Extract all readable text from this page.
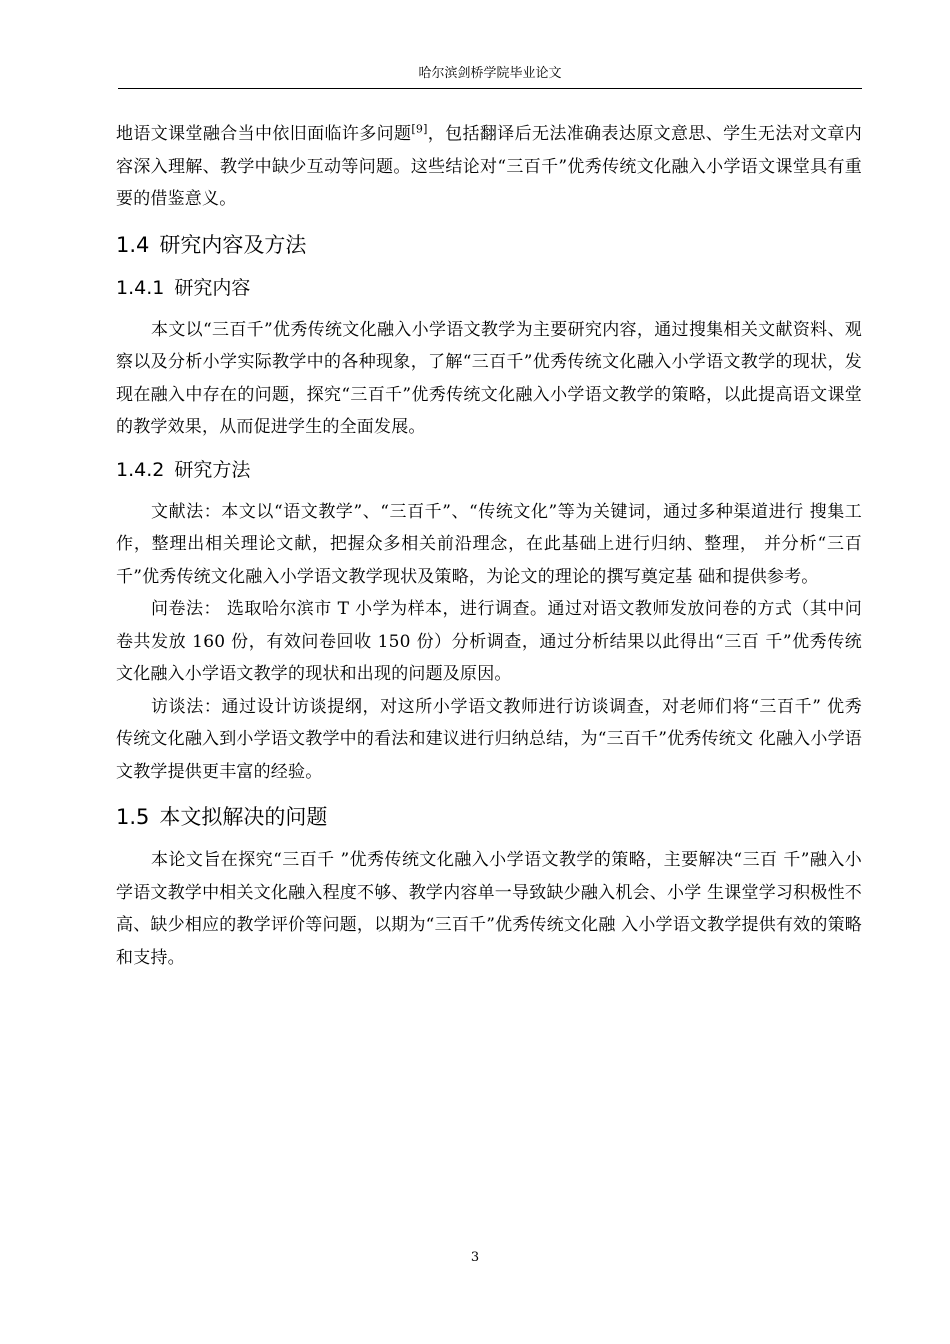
哈尔滨剑桥学院毕业论文

地语文课堂融合当中依旧面临许多问题[9]，包括翻译后无法准确表达原文意思、学生无法对文章内容深入理解、教学中缺少互动等问题。这些结论对“三百千”优秀传统文化融入小学语文课堂具有重要的借鉴意义。

1.4 研究内容及方法
1.4.1 研究内容

本文以“三百千”优秀传统文化融入小学语文教学为主要研究内容，通过搜集相关文献资料、观察以及分析小学实际教学中的各种现象，了解“三百千”优秀传统文化融入小学语文教学的现状，发现在融入中存在的问题，探究“三百千”优秀传统文化融入小学语文教学的策略，以此提高语文课堂的教学效果，从而促进学生的全面发展。

1.4.2 研究方法

文献法：本文以“语文教学”、“三百千”、“传统文化”等为关键词，通过多种渠道进行 搜集工作，整理出相关理论文献，把握众多相关前沿理念，在此基础上进行归纳、整理， 并分析“三百千”优秀传统文化融入小学语文教学现状及策略，为论文的理论的撰写奠定基 础和提供参考。

问卷法： 选取哈尔滨市 T 小学为样本，进行调查。通过对语文教师发放问卷的方式（其中问卷共发放 160 份，有效问卷回收 150 份）分析调查，通过分析结果以此得出“三百 千”优秀传统文化融入小学语文教学的现状和出现的问题及原因。

访谈法：通过设计访谈提纲，对这所小学语文教师进行访谈调查，对老师们将“三百千” 优秀传统文化融入到小学语文教学中的看法和建议进行归纳总结，为“三百千”优秀传统文 化融入小学语文教学提供更丰富的经验。

1.5 本文拟解决的问题

本论文旨在探究“三百千 ”优秀传统文化融入小学语文教学的策略，主要解决“三百 千”融入小学语文教学中相关文化融入程度不够、教学内容单一导致缺少融入机会、小学 生课堂学习积极性不高、缺少相应的教学评价等问题，以期为“三百千”优秀传统文化融 入小学语文教学提供有效的策略和支持。

3
